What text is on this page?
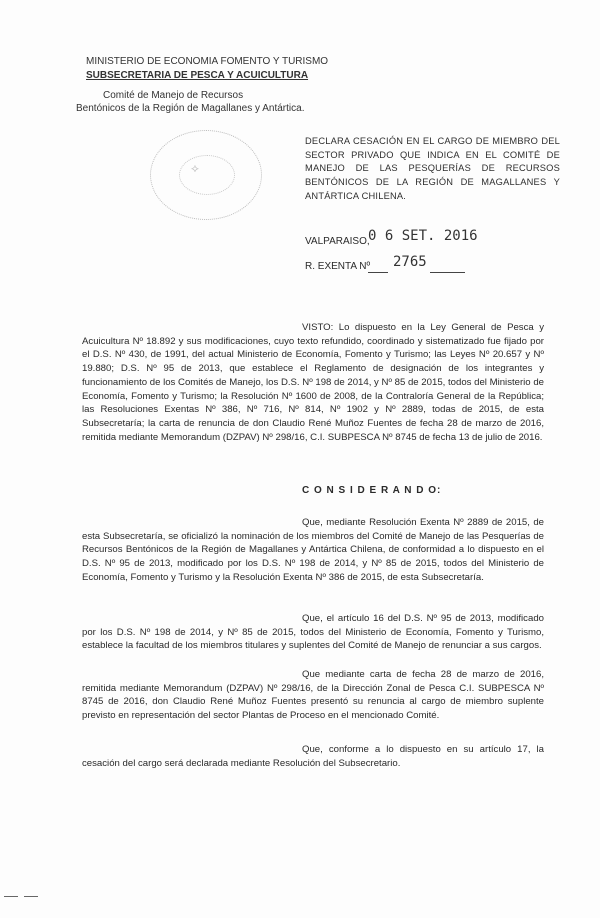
MINISTERIO DE ECONOMIA FOMENTO Y TURISMO
SUBSECRETARIA DE PESCA Y ACUICULTURA
Comité de Manejo de Recursos
Bentónicos de la Región de Magallanes y Antártica.
⟡
DECLARA CESACIÓN EN EL CARGO DE MIEMBRO DEL SECTOR PRIVADO QUE INDICA EN EL COMITÉ DE MANEJO DE LAS PESQUERÍAS DE RECURSOS BENTÓNICOS DE LA REGIÓN DE MAGALLANES Y ANTÁRTICA CHILENA.
VALPARAISO,
0 6 SET. 2016
R. EXENTA Nº 2765
VISTO: Lo dispuesto en la Ley General de Pesca y Acuicultura Nº 18.892 y sus modificaciones, cuyo texto refundido, coordinado y sistematizado fue fijado por el D.S. Nº 430, de 1991, del actual Ministerio de Economía, Fomento y Turismo; las Leyes Nº 20.657 y Nº 19.880; D.S. Nº 95 de 2013, que establece el Reglamento de designación de los integrantes y funcionamiento de los Comités de Manejo, los D.S. Nº 198 de 2014, y Nº 85 de 2015, todos del Ministerio de Economía, Fomento y Turismo; la Resolución Nº 1600 de 2008, de la Contraloría General de la República; las Resoluciones Exentas Nº 386, Nº 716, Nº 814, Nº 1902 y Nº 2889, todas de 2015, de esta Subsecretaría; la carta de renuncia de don Claudio René Muñoz Fuentes de fecha 28 de marzo de 2016, remitida mediante Memorandum (DZPAV) Nº 298/16, C.I. SUBPESCA Nº 8745 de fecha 13 de julio de 2016.
C O N S I D E R A N D O:
Que, mediante Resolución Exenta Nº 2889 de 2015, de esta Subsecretaría, se oficializó la nominación de los miembros del Comité de Manejo de las Pesquerías de Recursos Bentónicos de la Región de Magallanes y Antártica Chilena, de conformidad a lo dispuesto en el D.S. Nº 95 de 2013, modificado por los D.S. Nº 198 de 2014, y Nº 85 de 2015, todos del Ministerio de Economía, Fomento y Turismo y la Resolución Exenta Nº 386 de 2015, de esta Subsecretaría.
Que, el artículo 16 del D.S. Nº 95 de 2013, modificado por los D.S. Nº 198 de 2014, y Nº 85 de 2015, todos del Ministerio de Economía, Fomento y Turismo, establece la facultad de los miembros titulares y suplentes del Comité de Manejo de renunciar a sus cargos.
Que mediante carta de fecha 28 de marzo de 2016, remitida mediante Memorandum (DZPAV) Nº 298/16, de la Dirección Zonal de Pesca C.I. SUBPESCA Nº 8745 de 2016, don Claudio René Muñoz Fuentes presentó su renuncia al cargo de miembro suplente previsto en representación del sector Plantas de Proceso en el mencionado Comité.
Que, conforme a lo dispuesto en su artículo 17, la cesación del cargo será declarada mediante Resolución del Subsecretario.
